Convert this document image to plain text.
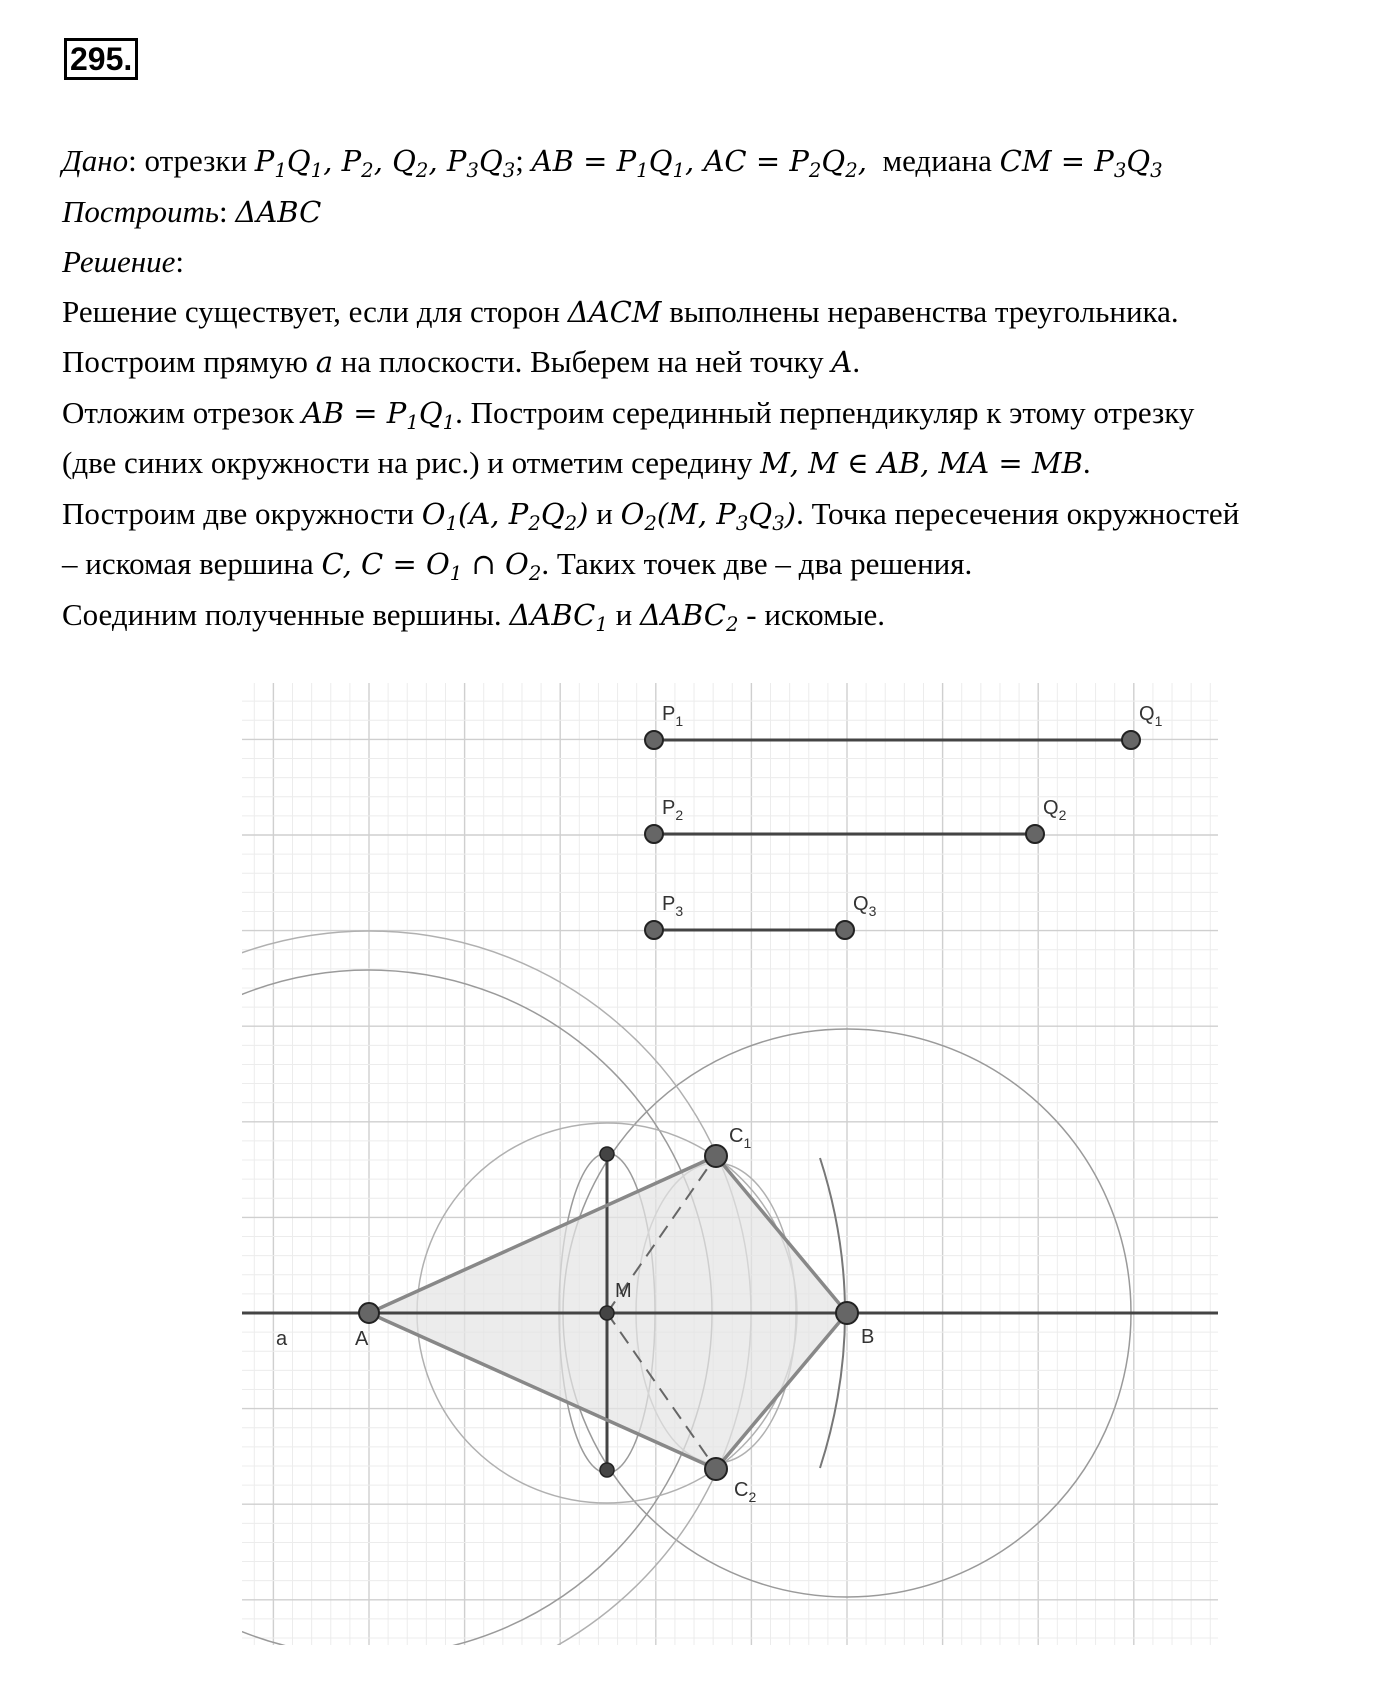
295.
Дано: отрезки $P_1Q_1$, $P_2$, $Q_2$, $P_3Q_3$; AB = $P_1Q_1$, AC = $P_2Q_2$, медиана CM = $P_3Q_3$
Построить: ΔABC
Решение:
Решение существует, если для сторон ΔACM выполнены неравенства треугольника.
Построим прямую a на плоскости. Выберем на ней точку A.
Отложим отрезок AB = $P_1Q_1$. Построим серединный перпендикуляр к этому отрезку
(две синих окружности на рис.) и отметим середину M, M ∈ AB, MA = MB.
Построим две окружности $O_1(A$, $P_2Q_2$) и $O_2(M$, $P_3Q_3$). Точка пересечения окружностей
– искомая вершина C, $C = O_1$ ∩ $O_2$. Таких точек две – два решения.
Соединим полученные вершины. $\Delta ABC_1$ и $\Delta ABC_2$ - искомые.
$P_1$	$Q_1$
$P_2$	$Q_2$
$P_3$	$Q_3$
$C_1$
$C_2$
A	B
M
a
